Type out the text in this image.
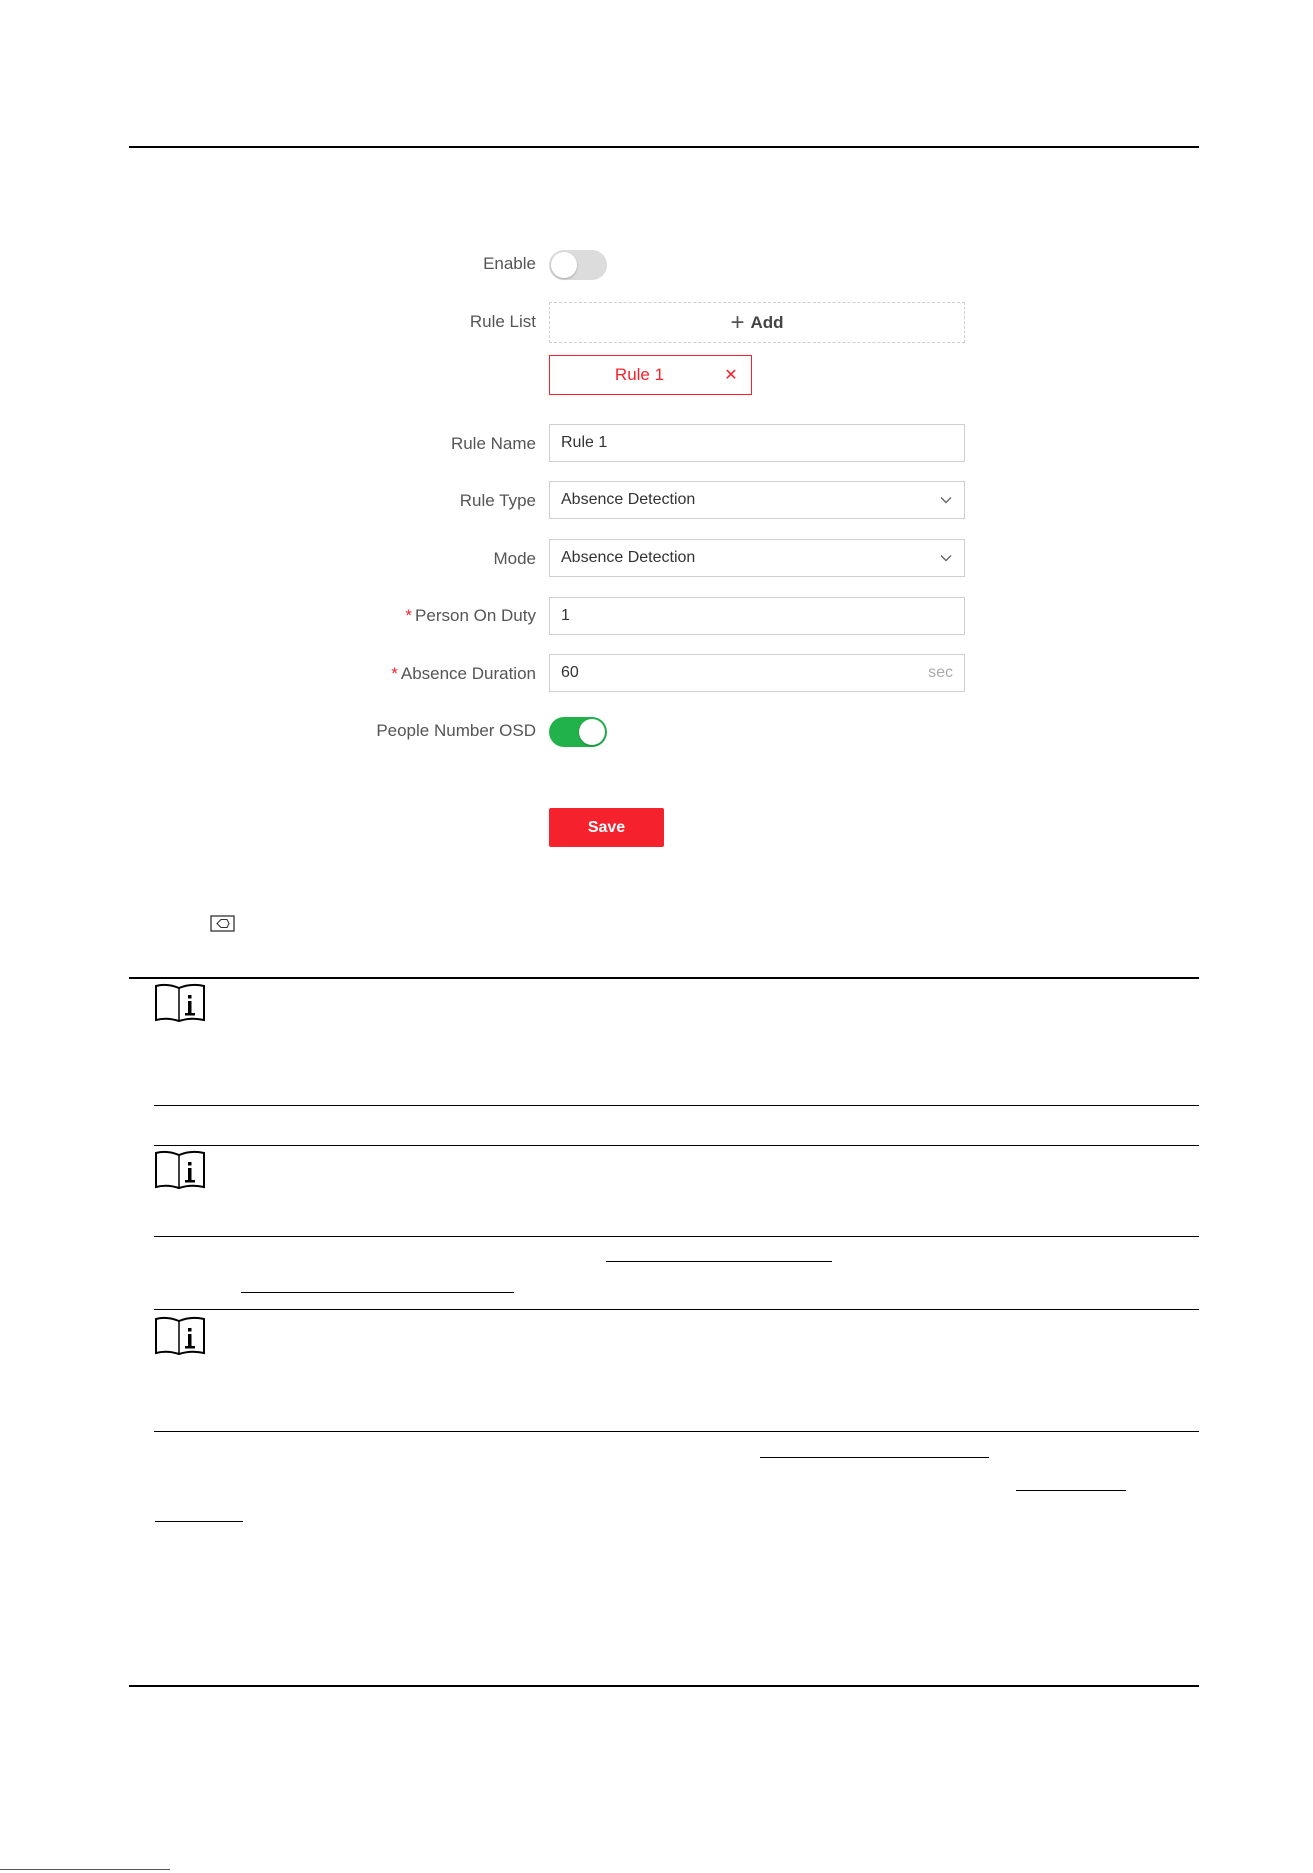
Enable
Rule List	+ Add
Rule 1	✕
Rule Name Rule 1
Rule Type Absence Detection
Mode Absence Detection
* Person On Duty 1
* Absence Duration 60	sec
People Number OSD
Save
